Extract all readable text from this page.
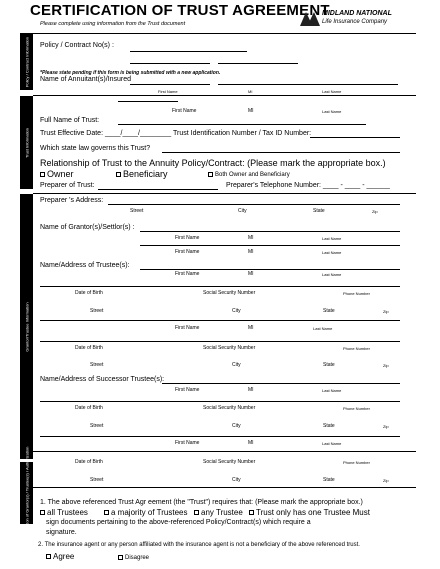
CERTIFICATION OF TRUST AGREEMENT
Please complete using information from the Trust document
MIDLAND NATIONAL
Life Insurance Company
Policy / Contract Information
Trust Information
Grantor/Trustee Information
Certification of Grantor(s) / Trustee(s) / Authorization
Policy / Contract No(s) :
*Please state pending if this form is being submitted with a new application.
Name of Annuitant(s)/Insured
First Name	MI	Last Name
First Name	MI	Last Name
Full Name of Trust:
Trust Effective Date: ____/____/________ Trust Identification Number / Tax ID Number:
Which state law governs this Trust?
Relationship of Trust to the Annuity Policy/Contract: (Please mark the appropriate box.)
Owner	Beneficiary	Both Owner and Beneficiary
Preparer of Trust:	Preparer's Telephone Number: ____ - ____ - ______
Preparer 's Address:
Street	City	State	Zip
Name of Grantor(s)/Settlor(s) :
First Name	MI	Last Name
First Name	MI	Last Name
Name/Address of Trustee(s):
First Name	MI	Last Name
Date of Birth	Social Security Number	Phone Number
Street	City	State	Zip
First Name	MI	Last Name
Date of Birth	Social Security Number	Phone Number
Street	City	State	Zip
Name/Address of Successor Trustee(s):
First Name	MI	Last Name
Date of Birth	Social Security Number	Phone Number
Street	City	State	Zip
First Name	MI	Last Name
Date of Birth	Social Security Number	Phone Number
Street	City	State	Zip
1. The above referenced Trust Agr eement (the "Trust") requires that: (Please mark the appropriate box.)
all Trustees	a majority of Trustees	any Trustee	Trust only has one Trustee Must
sign documents pertaining to the above-referenced Policy/Contract(s) which require a
signature.
2. The insurance agent or any person affiliated with the insurance agent is not a beneficiary of the above referenced trust.
Agree	Disagree
